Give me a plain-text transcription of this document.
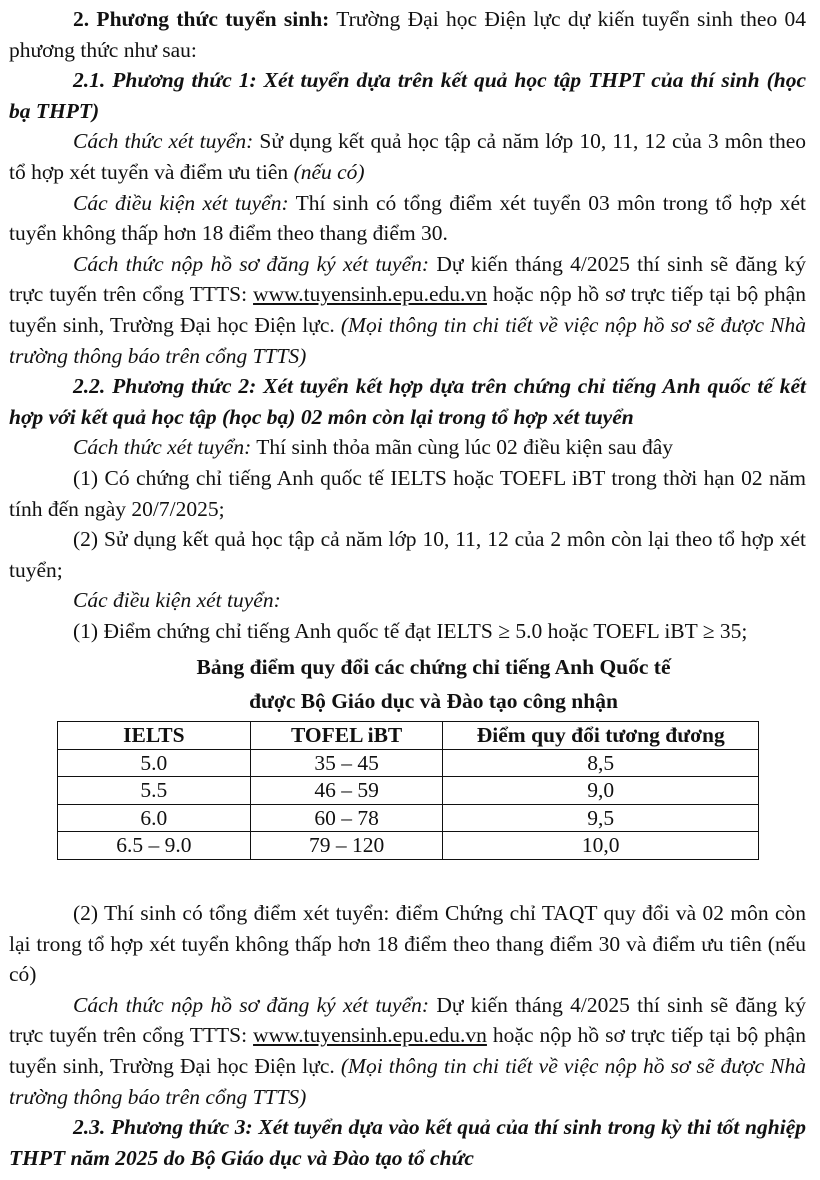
2. Phương thức tuyển sinh: Trường Đại học Điện lực dự kiến tuyển sinh theo 04 phương thức như sau:

2.1. Phương thức 1: Xét tuyển dựa trên kết quả học tập THPT của thí sinh (học bạ THPT)

Cách thức xét tuyển: Sử dụng kết quả học tập cả năm lớp 10, 11, 12 của 3 môn theo tổ hợp xét tuyển và điểm ưu tiên (nếu có)

Các điều kiện xét tuyển: Thí sinh có tổng điểm xét tuyển 03 môn trong tổ hợp xét tuyển không thấp hơn 18 điểm theo thang điểm 30.

Cách thức nộp hồ sơ đăng ký xét tuyển: Dự kiến tháng 4/2025 thí sinh sẽ đăng ký trực tuyến trên cổng TTTS: www.tuyensinh.epu.edu.vn hoặc nộp hồ sơ trực tiếp tại bộ phận tuyển sinh, Trường Đại học Điện lực. (Mọi thông tin chi tiết về việc nộp hồ sơ sẽ được Nhà trường thông báo trên cổng TTTS)

2.2. Phương thức 2: Xét tuyển kết hợp dựa trên chứng chỉ tiếng Anh quốc tế kết hợp với kết quả học tập (học bạ) 02 môn còn lại trong tổ hợp xét tuyển

Cách thức xét tuyển: Thí sinh thỏa mãn cùng lúc 02 điều kiện sau đây

(1) Có chứng chỉ tiếng Anh quốc tế IELTS hoặc TOEFL iBT trong thời hạn 02 năm tính đến ngày 20/7/2025;

(2) Sử dụng kết quả học tập cả năm lớp 10, 11, 12 của 2 môn còn lại theo tổ hợp xét tuyển;

Các điều kiện xét tuyển:

(1) Điểm chứng chỉ tiếng Anh quốc tế đạt IELTS ≥ 5.0 hoặc TOEFL iBT ≥ 35;

Bảng điểm quy đổi các chứng chỉ tiếng Anh Quốc tế
được Bộ Giáo dục và Đào tạo công nhận
IELTS	TOFEL iBT	Điểm quy đổi tương đương
5.0	35 – 45	8,5
5.5	46 – 59	9,0
6.0	60 – 78	9,5
6.5 – 9.0	79 – 120	10,0

(2) Thí sinh có tổng điểm xét tuyển: điểm Chứng chỉ TAQT quy đổi và 02 môn còn lại trong tổ hợp xét tuyển không thấp hơn 18 điểm theo thang điểm 30 và điểm ưu tiên (nếu có)

Cách thức nộp hồ sơ đăng ký xét tuyển: Dự kiến tháng 4/2025 thí sinh sẽ đăng ký trực tuyến trên cổng TTTS: www.tuyensinh.epu.edu.vn hoặc nộp hồ sơ trực tiếp tại bộ phận tuyển sinh, Trường Đại học Điện lực. (Mọi thông tin chi tiết về việc nộp hồ sơ sẽ được Nhà trường thông báo trên cổng TTTS)

2.3. Phương thức 3: Xét tuyển dựa vào kết quả của thí sinh trong kỳ thi tốt nghiệp THPT năm 2025 do Bộ Giáo dục và Đào tạo tổ chức
